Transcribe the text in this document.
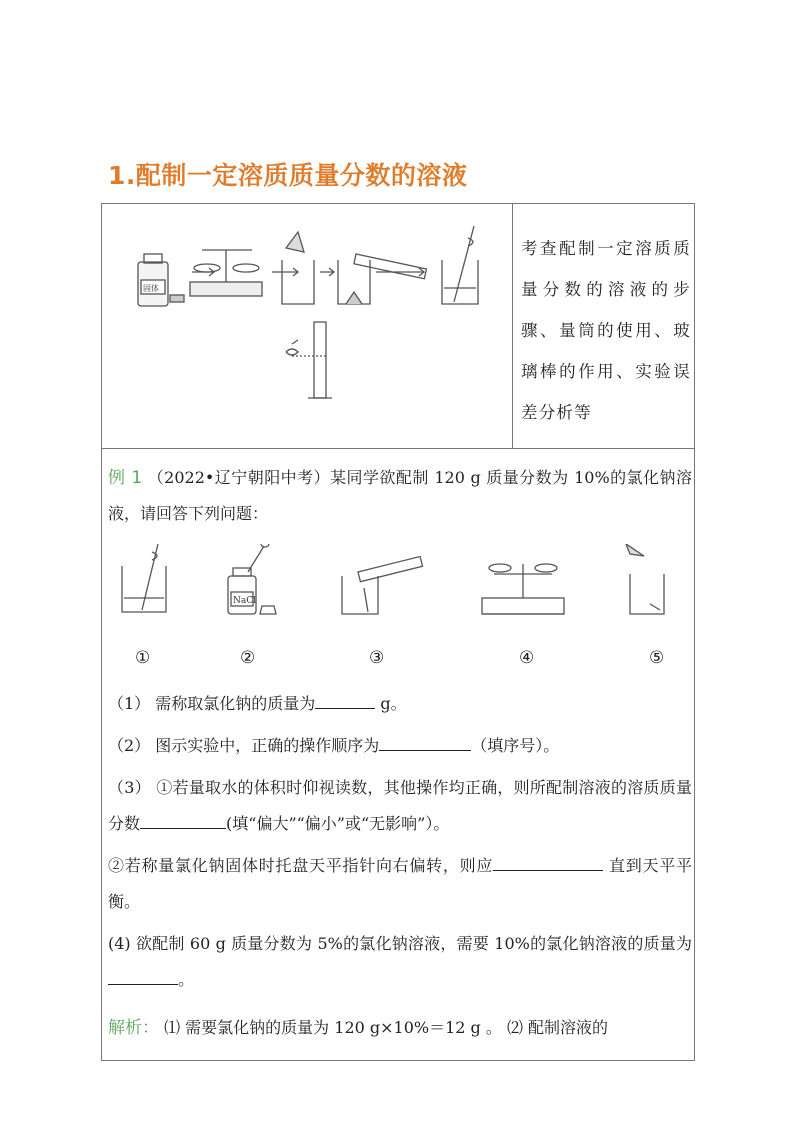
1.配制一定溶质质量分数的溶液
固体
考查配制一定溶质质量分数的溶液的步骤、量筒的使用、玻璃棒的作用、实验误差分析等

例 1 （2022•辽宁朝阳中考）某同学欲配制 120 g 质量分数为 10%的氯化钠溶液，请回答下列问题：

NaCl
①	②	③	④	⑤

（1） 需称取氯化钠的质量为	g。

（2） 图示实验中，正确的操作顺序为	（填序号）。

（3） ①若量取水的体积时仰视读数，其他操作均正确，则所配制溶液的溶质质量分数	(填“偏大”“偏小”或“无影响”）。

②若称量氯化钠固体时托盘天平指针向右偏转，则应	直到天平平衡。

(4) 欲配制 60 g 质量分数为 5%的氯化钠溶液，需要 10%的氯化钠溶液的质量为。

解析： ⑴ 需要氯化钠的质量为 120 g×10%＝12 g 。 ⑵ 配制溶液的
